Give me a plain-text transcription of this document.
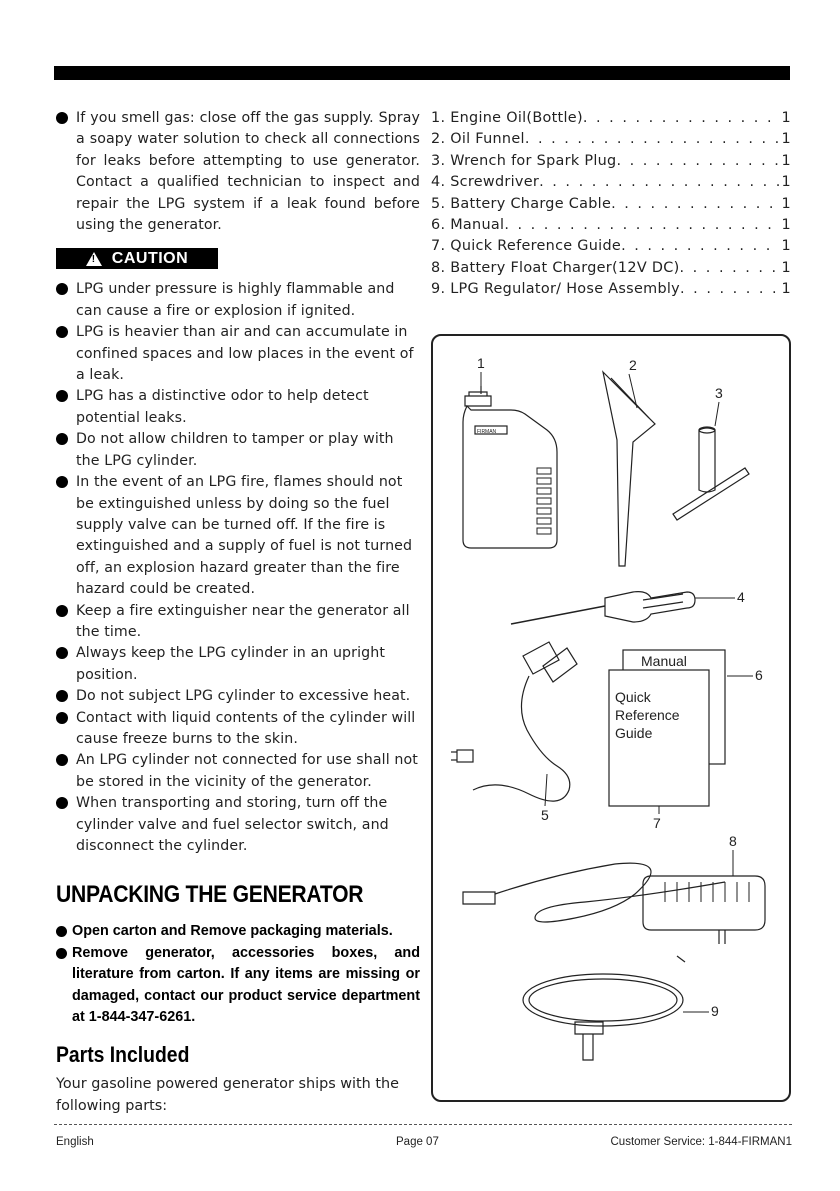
If you smell gas: close off the gas supply. Spray a soapy water solution to check all connections for leaks before attempting to use generator. Contact a qualified technician to inspect and repair the LPG system if a leak found before using the generator.
! CAUTION
LPG under pressure is highly flammable and can cause a fire or explosion if ignited.
LPG is heavier than air and can accumulate in confined spaces and low places in the event of a leak.
LPG has a distinctive odor to help detect potential leaks.
Do not allow children to tamper or play with the LPG cylinder.
In the event of an LPG fire, flames should not be extinguished unless by doing so the fuel supply valve can be turned off. If the fire is extinguished and a supply of fuel is not turned off, an explosion hazard greater than the fire hazard could be created.
Keep a fire extinguisher near the generator all the time.
Always keep the LPG cylinder in an upright position.
Do not subject LPG cylinder to excessive heat.
Contact with liquid contents of the cylinder will cause freeze burns to the skin.
An LPG cylinder not connected for use shall not be stored in the vicinity of the generator.
When transporting and storing, turn off the cylinder valve and fuel selector switch, and disconnect the cylinder.
UNPACKING THE GENERATOR
Open carton and Remove packaging materials.
Remove generator, accessories boxes, and literature from carton. If any items are missing or damaged, contact our product service department at 1-844-347-6261.
Parts Included
Your gasoline powered generator ships with the following parts:
1. Engine Oil(Bottle) . . .	1
2. Oil Funnel . . .	1
3. Wrench for Spark Plug . . .	1
4. Screwdriver . . .	1
5. Battery Charge Cable . . .	1
6. Manual . . .	1
7. Quick Reference Guide . . .	1
8. Battery Float Charger(12V DC) . . .	1
9. LPG Regulator/ Hose Assembly . . .	1
FIRMAN
Manual
Quick
Reference
Guide
1	2
3
4
5
6
7
8
9
English	Page 07	Customer Service: 1-844-FIRMAN1
